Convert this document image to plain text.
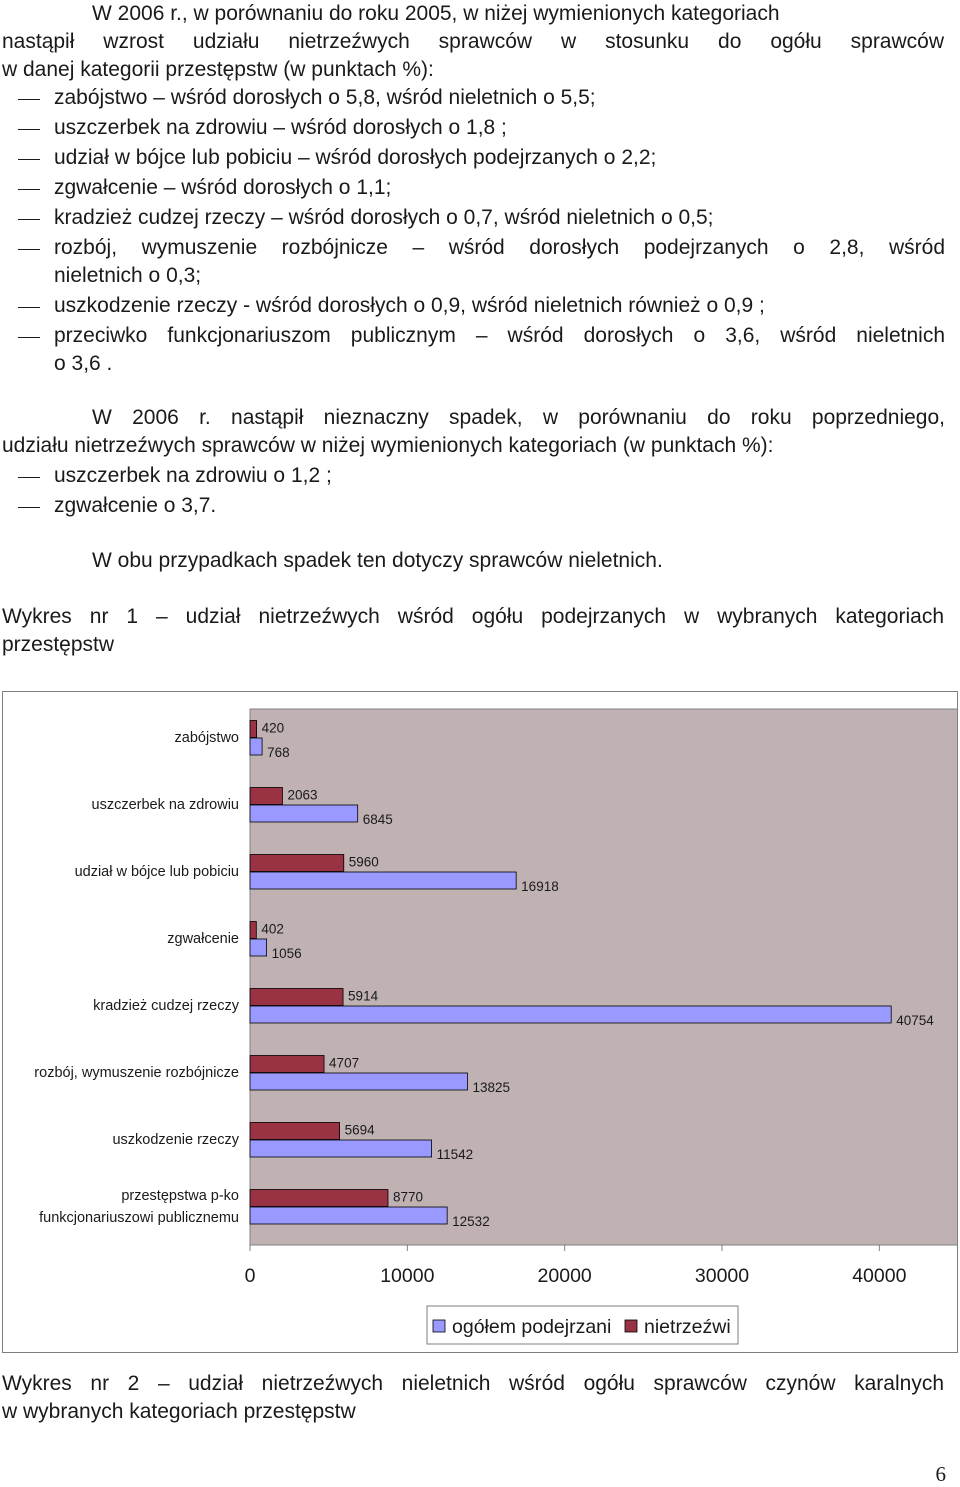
W 2006 r., w porównaniu do roku 2005, w niżej wymienionych kategoriach
nastąpił wzrost udziału nietrzeźwych sprawców w stosunku do ogółu sprawców
w danej kategorii przestępstw (w punktach %):
zabójstwo – wśród dorosłych o 5,8, wśród nieletnich o 5,5;
uszczerbek na zdrowiu – wśród dorosłych o 1,8 ;
udział w bójce lub pobiciu – wśród dorosłych podejrzanych o 2,2;
zgwałcenie – wśród dorosłych o 1,1;
kradzież cudzej rzeczy – wśród dorosłych o 0,7, wśród nieletnich o 0,5;
rozbój, wymuszenie rozbójnicze – wśród dorosłych podejrzanych o 2,8, wśród
nieletnich o 0,3;
uszkodzenie rzeczy - wśród dorosłych o 0,9, wśród nieletnich również o 0,9 ;
przeciwko funkcjonariuszom publicznym – wśród dorosłych o 3,6, wśród nieletnich
o 3,6 .
W 2006 r. nastąpił nieznaczny spadek, w porównaniu do roku poprzedniego,
udziału nietrzeźwych sprawców w niżej wymienionych kategoriach (w punktach %):
uszczerbek na zdrowiu o 1,2 ;
zgwałcenie o 3,7.
W obu przypadkach spadek ten dotyczy sprawców nieletnich.
Wykres nr 1 – udział nietrzeźwych wśród ogółu podejrzanych w wybranych kategoriach
przestępstw
zabójstwo
420
768
uszczerbek na zdrowiu
2063
6845
udział w bójce lub pobiciu
5960
16918
zgwałcenie
402
1056
kradzież cudzej rzeczy
5914
40754
rozbój, wymuszenie rozbójnicze
4707
13825
uszkodzenie rzeczy
5694
11542
przestępstwa p-ko
funkcjonariuszowi publicznemu
8770
12532
0	10000	20000	30000	40000
ogółem podejrzani nietrzeźwi
Wykres nr 2 – udział nietrzeźwych nieletnich wśród ogółu sprawców czynów karalnych
w wybranych kategoriach przestępstw
6
